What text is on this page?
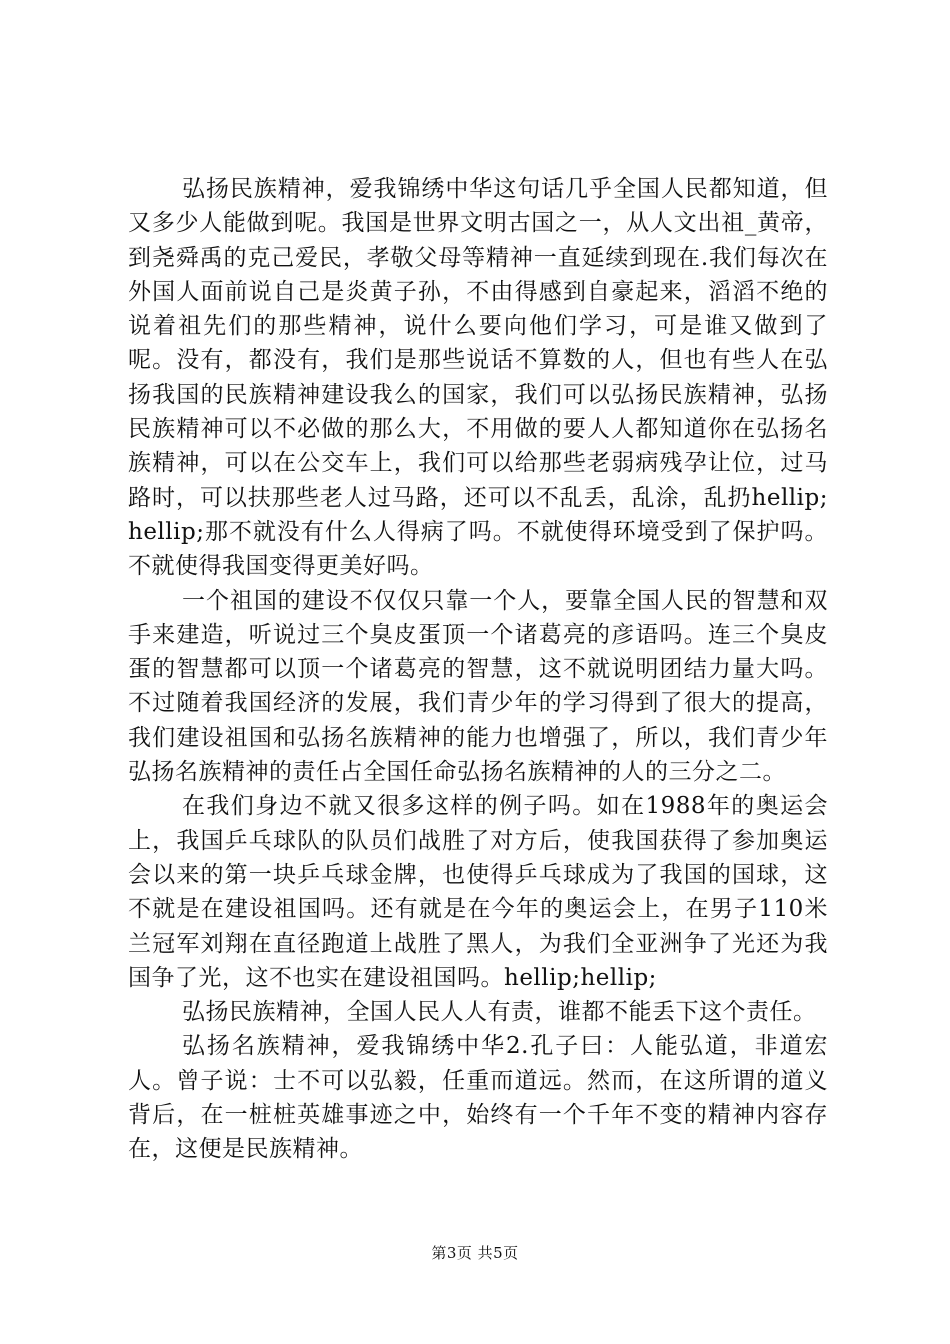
弘扬民族精神，爱我锦绣中华这句话几乎全国人民都知道，但又多少人能做到呢。我国是世界文明古国之一，从人文出祖_黄帝，到尧舜禹的克己爱民，孝敬父母等精神一直延续到现在.我们每次在外国人面前说自己是炎黄子孙，不由得感到自豪起来，滔滔不绝的说着祖先们的那些精神，说什么要向他们学习，可是谁又做到了呢。没有，都没有，我们是那些说话不算数的人，但也有些人在弘扬我国的民族精神建设我么的国家，我们可以弘扬民族精神，弘扬民族精神可以不必做的那么大，不用做的要人人都知道你在弘扬名族精神，可以在公交车上，我们可以给那些老弱病残孕让位，过马路时，可以扶那些老人过马路，还可以不乱丢，乱涂，乱扔hellip;hellip;那不就没有什么人得病了吗。不就使得环境受到了保护吗。不就使得我国变得更美好吗。

一个祖国的建设不仅仅只靠一个人，要靠全国人民的智慧和双手来建造，听说过三个臭皮蛋顶一个诸葛亮的彦语吗。连三个臭皮蛋的智慧都可以顶一个诸葛亮的智慧，这不就说明团结力量大吗。不过随着我国经济的发展，我们青少年的学习得到了很大的提高，我们建设祖国和弘扬名族精神的能力也增强了，所以，我们青少年弘扬名族精神的责任占全国任命弘扬名族精神的人的三分之二。

在我们身边不就又很多这样的例子吗。如在1988年的奥运会上，我国乒乓球队的队员们战胜了对方后，使我国获得了参加奥运会以来的第一块乒乓球金牌，也使得乒乓球成为了我国的国球，这不就是在建设祖国吗。还有就是在今年的奥运会上，在男子110米兰冠军刘翔在直径跑道上战胜了黑人，为我们全亚洲争了光还为我国争了光，这不也实在建设祖国吗。hellip;hellip;

弘扬民族精神，全国人民人人有责，谁都不能丢下这个责任。

弘扬名族精神，爱我锦绣中华2.孔子曰：人能弘道，非道宏人。曾子说：士不可以弘毅，任重而道远。然而，在这所谓的道义背后，在一桩桩英雄事迹之中，始终有一个千年不变的精神内容存在，这便是民族精神。

第3页 共5页
